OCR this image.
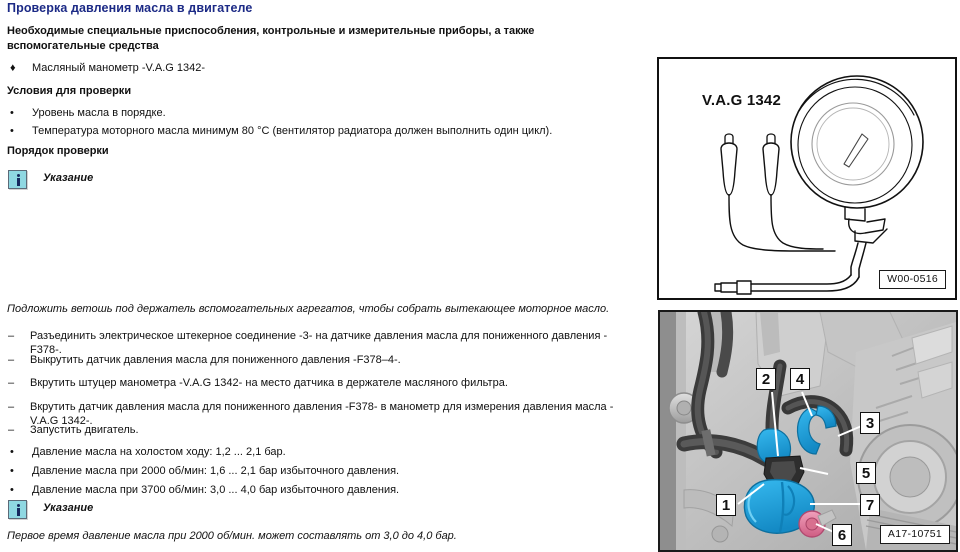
Проверка давления масла в двигателе
Необходимые специальные приспособления, контрольные и измерительные приборы, а также вспомогательные средства
♦	Масляный манометр -V.A.G 1342-
Условия для проверки
•	Уровень масла в порядке.
•	Температура моторного масла минимум 80 °С (вентилятор радиатора должен выполнить один цикл).
Порядок проверки
Указание
Подложить ветошь под держатель вспомогательных агрегатов, чтобы собрать вытекающее моторное масло.
–	Разъединить электрическое штекерное соединение -3- на датчике давления масла для пониженного давления -F378-.
–	Выкрутить датчик давления масла для пониженного давления -F378–4-.
–	Вкрутить штуцер манометра -V.A.G 1342- на место датчика в держателе масляного фильтра.
–	Вкрутить датчик давления масла для пониженного давления -F378- в манометр для измерения давления масла -V.A.G 1342-.
–	Запустить двигатель.
•	Давление масла на холостом ходу: 1,2 ... 2,1 бар.
•	Давление масла при 2000 об/мин: 1,6 ... 2,1 бар избыточного давления.
•	Давление масла при 3700 об/мин: 3,0 ... 4,0 бар избыточного давления.
Указание
Первое время давление масла при 2000 об/мин. может составлять от 3,0 до 4,0 бар.
V.A.G 1342
W00-0516
2	4
3
5
1	7
6	A17-10751
